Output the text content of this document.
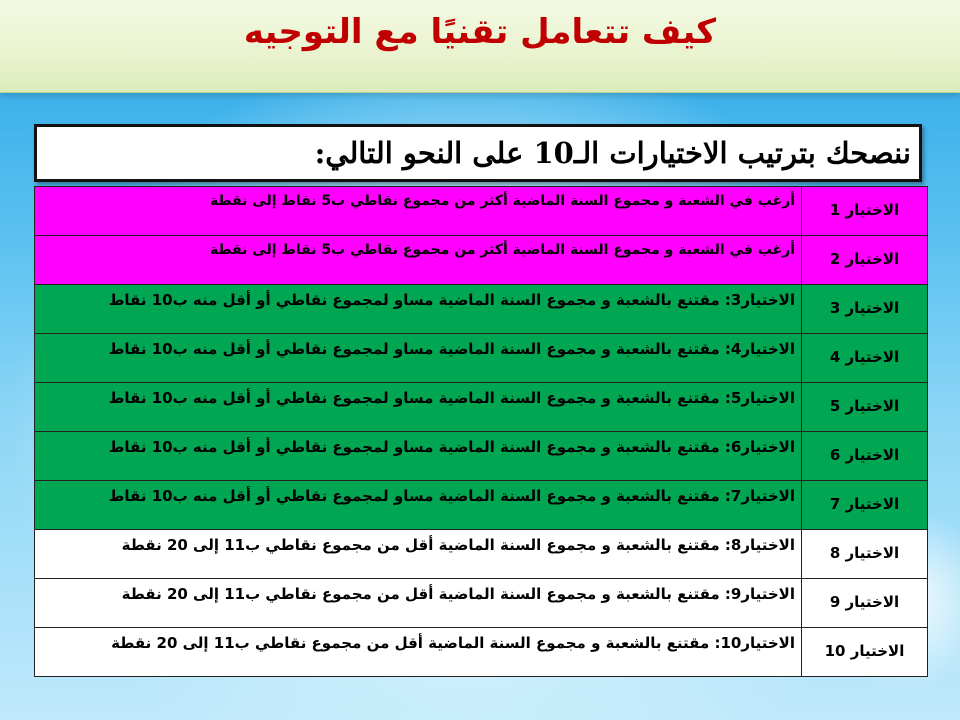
كيف تتعامل تقنيًا مع التوجيه
ننصحك بترتيب الاختيارات الـ10 على النحو التالي:
الاختيار 1	أرغب في الشعبة و مجموع السنة الماضية أكثر من مجموع نقاطي ب5 نقاط إلى نقطة
الاختيار 2	أرغب في الشعبة و مجموع السنة الماضية أكثر من مجموع نقاطي ب5 نقاط إلى نقطة
الاختيار 3	الاختيار3: مقتنع بالشعبة و مجموع السنة الماضية مساو لمجموع نقاطي أو أقل منه ب10 نقاط
الاختيار 4	الاختيار4: مقتنع بالشعبة و مجموع السنة الماضية مساو لمجموع نقاطي أو أقل منه ب10 نقاط
الاختيار 5	الاختيار5: مقتنع بالشعبة و مجموع السنة الماضية مساو لمجموع نقاطي أو أقل منه ب10 نقاط
الاختيار 6	الاختيار6: مقتنع بالشعبة و مجموع السنة الماضية مساو لمجموع نقاطي أو أقل منه ب10 نقاط
الاختيار 7	الاختيار7: مقتنع بالشعبة و مجموع السنة الماضية مساو لمجموع نقاطي أو أقل منه ب10 نقاط
الاختيار 8	الاختيار8: مقتنع بالشعبة و مجموع السنة الماضية أقل من مجموع نقاطي ب11 إلى 20 نقطة
الاختيار 9	الاختيار9: مقتنع بالشعبة و مجموع السنة الماضية أقل من مجموع نقاطي ب11 إلى 20 نقطة
الاختيار 10	الاختيار10: مقتنع بالشعبة و مجموع السنة الماضية أقل من مجموع نقاطي ب11 إلى 20 نقطة
